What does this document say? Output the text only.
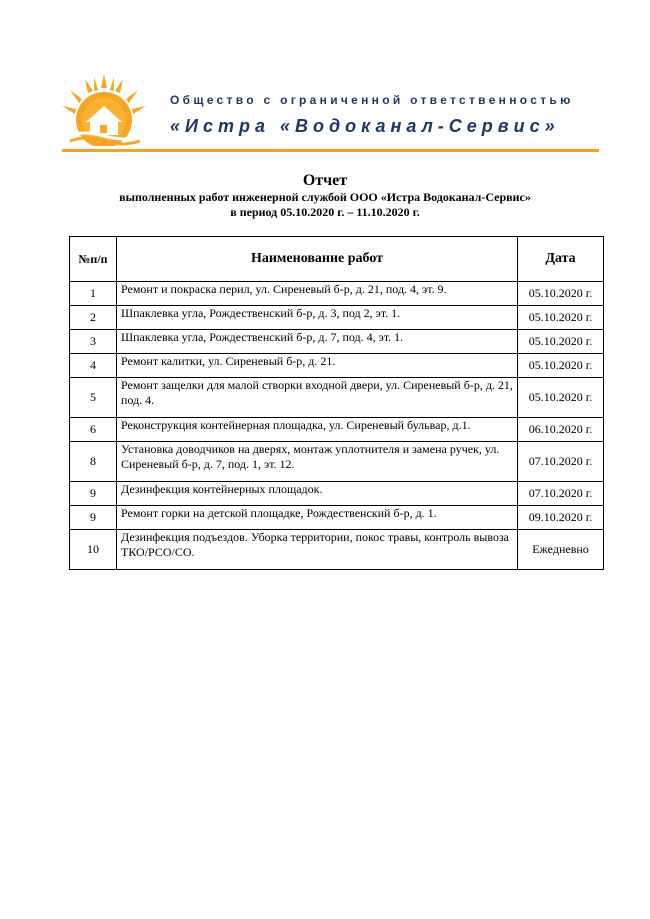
Общество с ограниченной ответственностью
«Истра «Водоканал-Сервис»
Отчет
выполненных работ инженерной службой ООО «Истра Водоканал-Сервис»
в период 05.10.2020 г. – 11.10.2020 г.
№п/п	Наименование работ	Дата
1	Ремонт и покраска перил, ул. Сиреневый б-р, д. 21, под. 4, эт. 9.	05.10.2020 г.
2	Шпаклевка угла, Рождественский б-р, д. 3, под 2, эт. 1.	05.10.2020 г.
3	Шпаклевка угла, Рождественский б-р, д. 7, под. 4, эт. 1.	05.10.2020 г.
4	Ремонт калитки, ул. Сиреневый б-р, д. 21.	05.10.2020 г.
5	Ремонт защелки для малой створки входной двери, ул. Сиреневый б-р, д. 21, под. 4.	05.10.2020 г.
6	Реконструкция контейнерная площадка, ул. Сиреневый бульвар, д.1.	06.10.2020 г.
8	Установка доводчиков на дверях, монтаж уплотнителя и замена ручек, ул. Сиреневый б-р, д. 7, под. 1, эт. 12.	07.10.2020 г.
9	Дезинфекция контейнерных площадок.	07.10.2020 г.
9	Ремонт горки на детской площадке, Рождественский б-р, д. 1.	09.10.2020 г.
10	Дезинфекция подъездов. Уборка территории, покос травы, контроль вывоза ТКО/РСО/СО.	Ежедневно
